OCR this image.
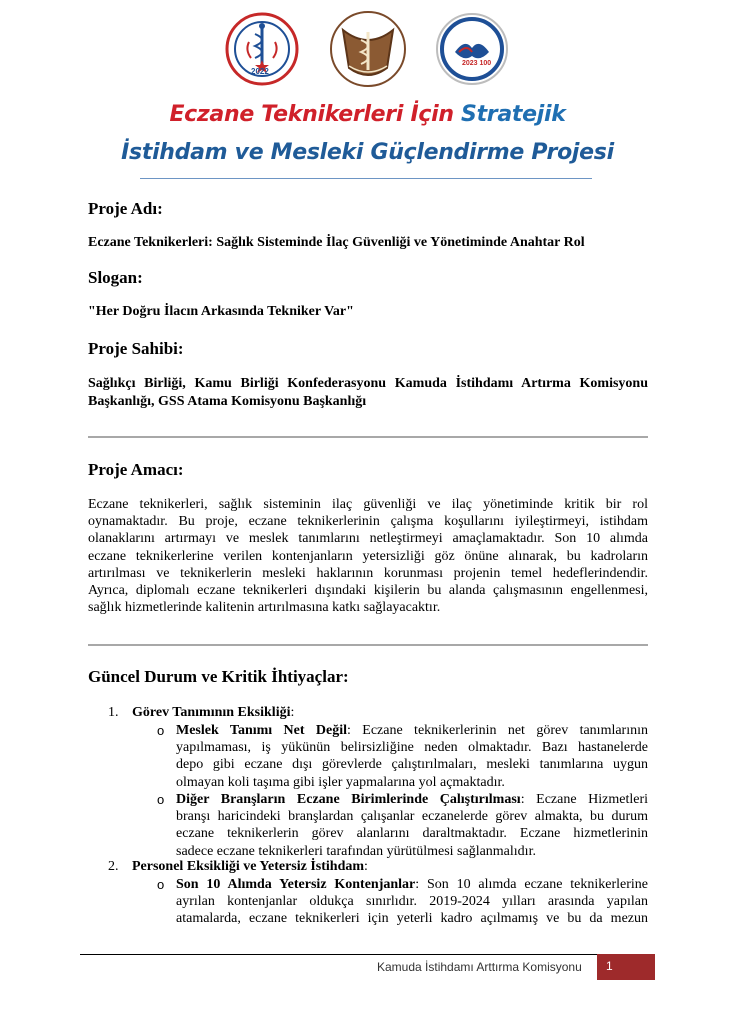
2022
2023 100
Eczane Teknikerleri İçin Stratejik
İstihdam ve Mesleki Güçlendirme Projesi
Proje Adı:
Eczane Teknikerleri: Sağlık Sisteminde İlaç Güvenliği ve Yönetiminde Anahtar Rol
Slogan:
"Her Doğru İlacın Arkasında Tekniker Var"
Proje Sahibi:
Sağlıkçı Birliği, Kamu Birliği Konfederasyonu Kamuda İstihdamı Artırma Komisyonu
Başkanlığı, GSS Atama Komisyonu Başkanlığı
Proje Amacı:
Eczane teknikerleri, sağlık sisteminin ilaç güvenliği ve ilaç yönetiminde kritik bir rol
oynamaktadır. Bu proje, eczane teknikerlerinin çalışma koşullarını iyileştirmeyi, istihdam
olanaklarını artırmayı ve meslek tanımlarını netleştirmeyi amaçlamaktadır. Son 10 alımda
eczane teknikerlerine verilen kontenjanların yetersizliği göz önüne alınarak, bu kadroların
artırılması ve teknikerlerin mesleki haklarının korunması projenin temel hedeflerindendir.
Ayrıca, diplomalı eczane teknikerleri dışındaki kişilerin bu alanda çalışmasının engellenmesi,
sağlık hizmetlerinde kalitenin artırılmasına katkı sağlayacaktır.
Güncel Durum ve Kritik İhtiyaçlar:
1. Görev Tanımının Eksikliği:
o Meslek Tanımı Net Değil: Eczane teknikerlerinin net görev tanımlarının
yapılmaması, iş yükünün belirsizliğine neden olmaktadır. Bazı hastanelerde
depo gibi eczane dışı görevlerde çalıştırılmaları, mesleki tanımlarına uygun
olmayan koli taşıma gibi işler yapmalarına yol açmaktadır.
o Diğer Branşların Eczane Birimlerinde Çalıştırılması: Eczane Hizmetleri
branşı haricindeki branşlardan çalışanlar eczanelerde görev almakta, bu durum
eczane teknikerlerin görev alanlarını daraltmaktadır. Eczane hizmetlerinin
sadece eczane teknikerleri tarafından yürütülmesi sağlanmalıdır.
2. Personel Eksikliği ve Yetersiz İstihdam:
o Son 10 Alımda Yetersiz Kontenjanlar: Son 10 alımda eczane teknikerlerine
ayrılan kontenjanlar oldukça sınırlıdır. 2019-2024 yılları arasında yapılan
atamalarda, eczane teknikerleri için yeterli kadro açılmamış ve bu da mezun
Kamuda İstihdamı Arttırma Komisyonu 1
